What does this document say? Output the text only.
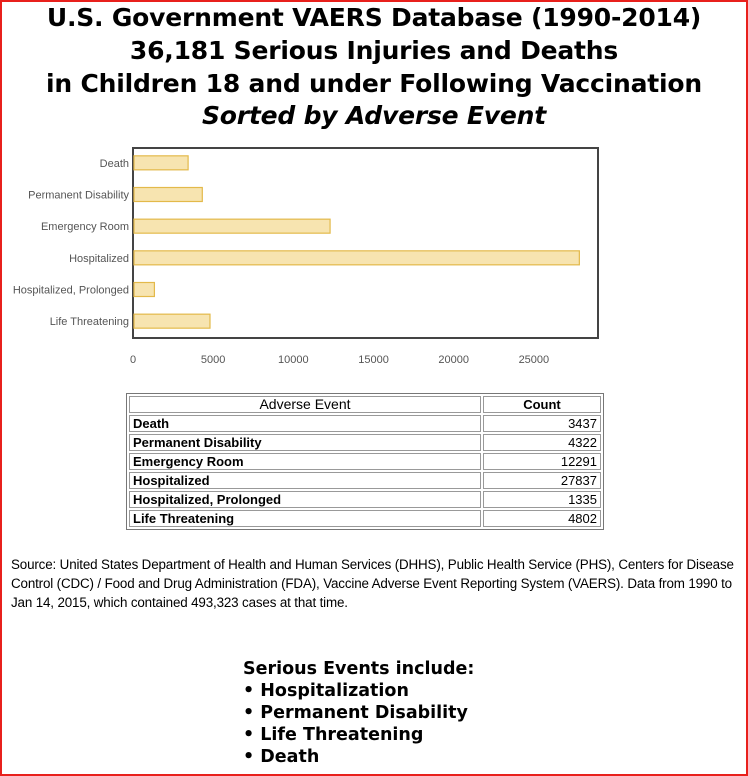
U.S. Government VAERS Database (1990-2014)
36,181 Serious Injuries and Deaths
in Children 18 and under Following Vaccination
Sorted by Adverse Event
Death
Permanent Disability
Emergency Room
Hospitalized
Hospitalized, Prolonged
Life Threatening
0	5000	10000	15000	20000	25000
Adverse Event	Count
Death	3437
Permanent Disability	4322
Emergency Room	12291
Hospitalized	27837
Hospitalized, Prolonged	1335
Life Threatening	4802
Source: United States Department of Health and Human Services (DHHS), Public Health Service (PHS), Centers for Disease Control (CDC) / Food and Drug Administration (FDA), Vaccine Adverse Event Reporting System (VAERS). Data from 1990 to Jan 14, 2015, which contained 493,323 cases at that time.
Serious Events include:
• Hospitalization
• Permanent Disability
• Life Threatening
• Death
